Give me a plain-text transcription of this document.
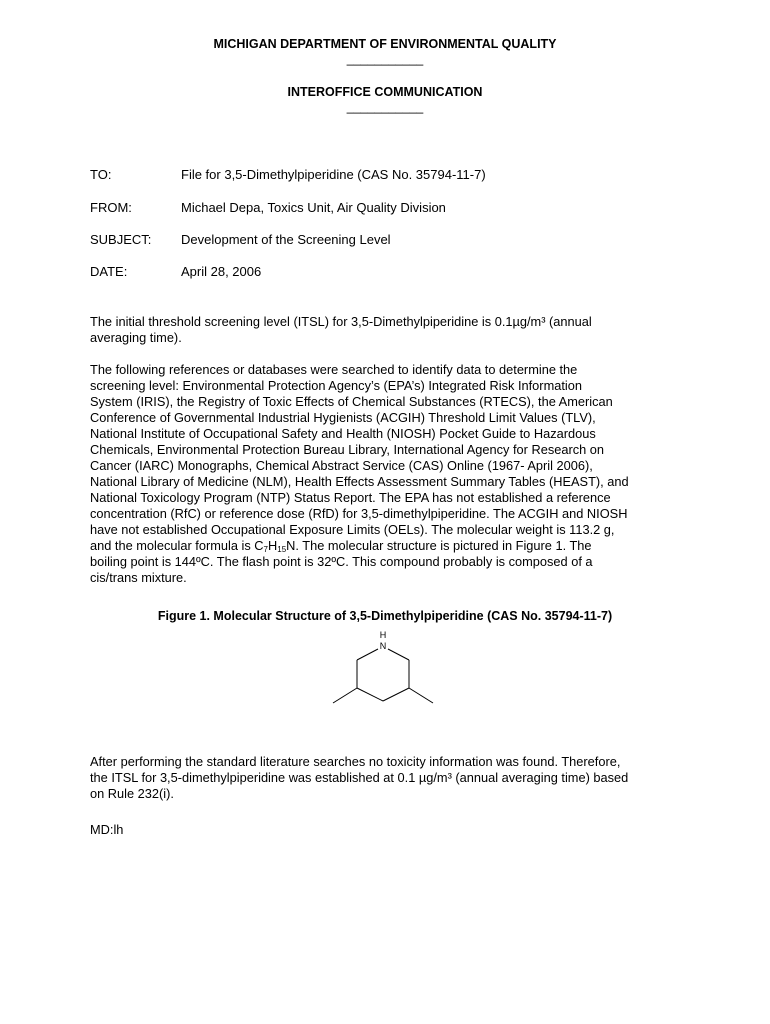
MICHIGAN DEPARTMENT OF ENVIRONMENTAL QUALITY
___________
INTEROFFICE COMMUNICATION
___________
TO:	File for 3,5-Dimethylpiperidine (CAS No. 35794-11-7)
FROM:	Michael Depa, Toxics Unit, Air Quality Division
SUBJECT: Development of the Screening Level
DATE:	April 28, 2006
The initial threshold screening level (ITSL) for 3,5-Dimethylpiperidine is 0.1µg/m³ (annual
averaging time).
The following references or databases were searched to identify data to determine the
screening level: Environmental Protection Agency’s (EPA’s) Integrated Risk Information
System (IRIS), the Registry of Toxic Effects of Chemical Substances (RTECS), the American
Conference of Governmental Industrial Hygienists (ACGIH) Threshold Limit Values (TLV),
National Institute of Occupational Safety and Health (NIOSH) Pocket Guide to Hazardous
Chemicals, Environmental Protection Bureau Library, International Agency for Research on
Cancer (IARC) Monographs, Chemical Abstract Service (CAS) Online (1967- April 2006),
National Library of Medicine (NLM), Health Effects Assessment Summary Tables (HEAST), and
National Toxicology Program (NTP) Status Report. The EPA has not established a reference
concentration (RfC) or reference dose (RfD) for 3,5-dimethylpiperidine. The ACGIH and NIOSH
have not established Occupational Exposure Limits (OELs). The molecular weight is 113.2 g,
and the molecular formula is $C_7H_{15}N$. The molecular structure is pictured in Figure 1. The
boiling point is 144ºC. The flash point is 32ºC. This compound probably is composed of a
cis/trans mixture.
Figure 1. Molecular Structure of 3,5-Dimethylpiperidine (CAS No. 35794-11-7)
H
N
After performing the standard literature searches no toxicity information was found. Therefore,
the ITSL for 3,5-dimethylpiperidine was established at 0.1 µg/m³ (annual averaging time) based
on Rule 232(i).
MD:lh
